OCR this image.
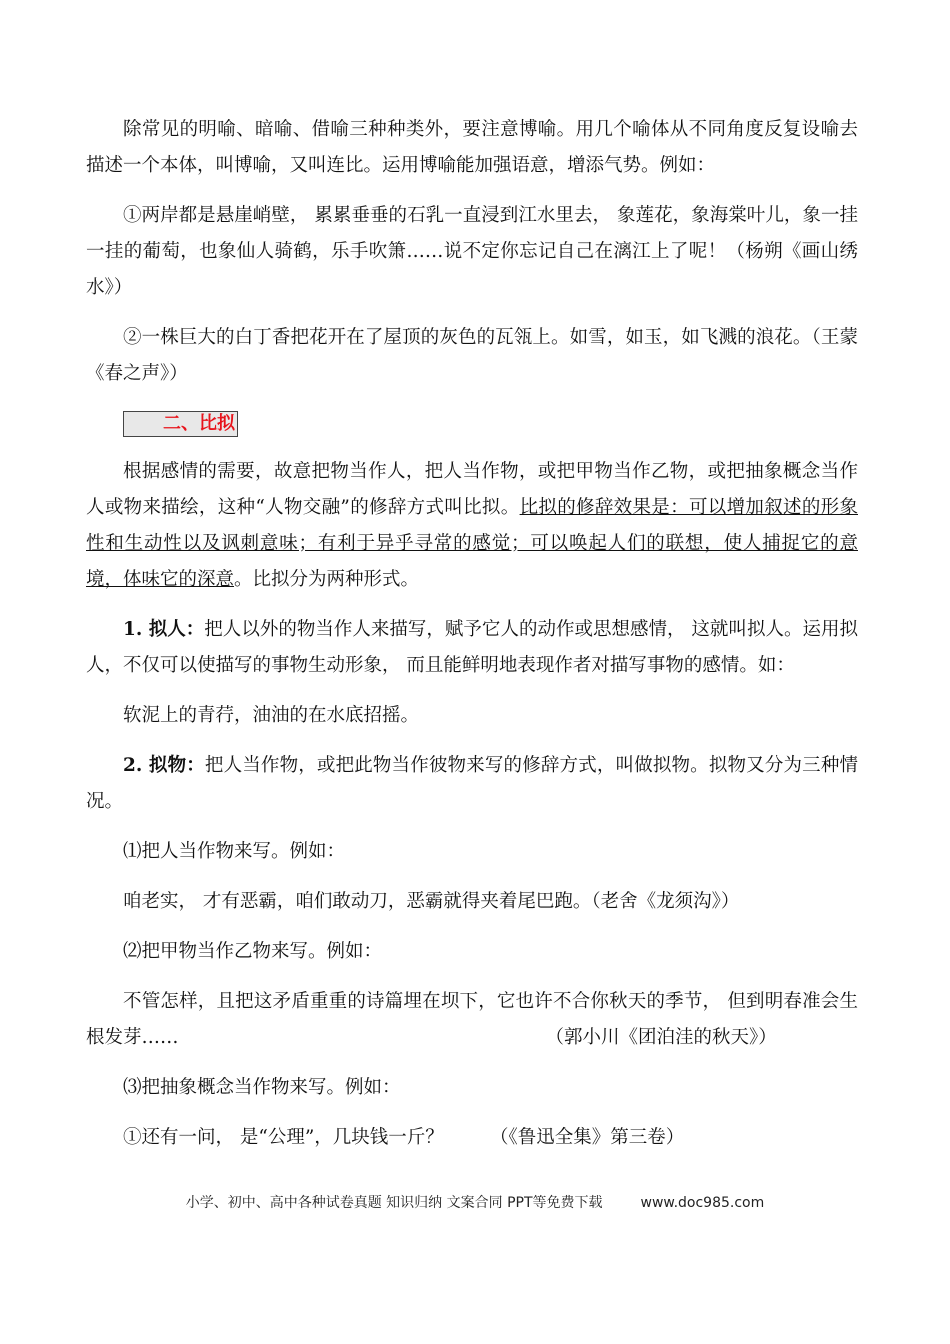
除常见的明喻、暗喻、借喻三种种类外，要注意博喻。用几个喻体从不同角度反复设喻去描述一个本体，叫博喻，又叫连比。运用博喻能加强语意，增添气势。例如：

①两岸都是悬崖峭壁， 累累垂垂的石乳一直浸到江水里去， 象莲花，象海棠叶儿，象一挂一挂的葡萄，也象仙人骑鹤，乐手吹箫……说不定你忘记自己在漓江上了呢！（杨朔《画山绣水》）

②一株巨大的白丁香把花开在了屋顶的灰色的瓦瓴上。如雪，如玉，如飞溅的浪花。（王蒙《春之声》）

二、比拟

根据感情的需要，故意把物当作人，把人当作物，或把甲物当作乙物，或把抽象概念当作人或物来描绘，这种“人物交融”的修辞方式叫比拟。比拟的修辞效果是：可以增加叙述的形象性和生动性以及讽刺意味；有利于异乎寻常的感觉；可以唤起人们的联想，使人捕捉它的意境，体味它的深意。比拟分为两种形式。

1. 拟人：把人以外的物当作人来描写，赋予它人的动作或思想感情， 这就叫拟人。运用拟人，不仅可以使描写的事物生动形象， 而且能鲜明地表现作者对描写事物的感情。如：

软泥上的青荇，油油的在水底招摇。

2. 拟物：把人当作物，或把此物当作彼物来写的修辞方式，叫做拟物。拟物又分为三种情况。

⑴把人当作物来写。例如：

咱老实， 才有恶霸，咱们敢动刀，恶霸就得夹着尾巴跑。（老舍《龙须沟》）

⑵把甲物当作乙物来写。例如：

不管怎样，且把这矛盾重重的诗篇埋在坝下，它也许不合你秋天的季节， 但到明春准会生根发芽……	（郭小川《团泊洼的秋天》）

⑶把抽象概念当作物来写。例如：

①还有一问， 是“公理”，几块钱一斤？　　　（《鲁迅全集》第三卷）

小学、初中、高中各种试卷真题 知识归纳 文案合同 PPT等免费下载	www.doc985.com
